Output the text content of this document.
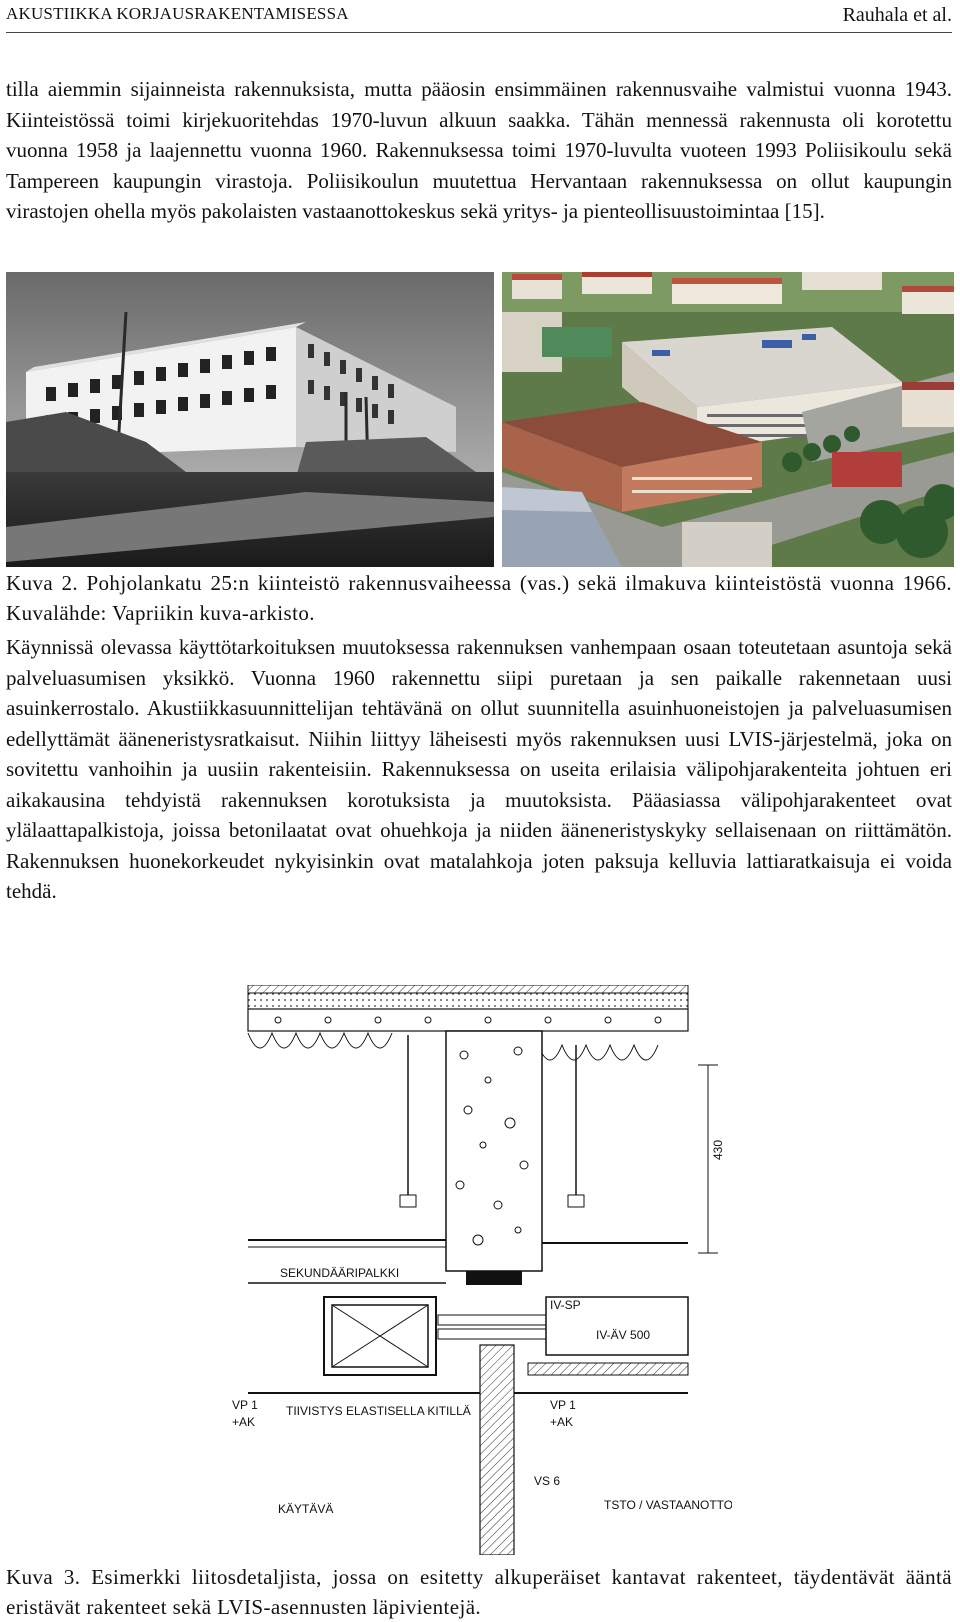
AKUSTIIKKA KORJAUSRAKENTAMISESSA	Rauhala et al.

tilla aiemmin sijainneista rakennuksista, mutta pääosin ensimmäinen rakennusvaihe valmistui vuonna 1943. Kiinteistössä toimi kirjekuoritehdas 1970-luvun alkuun saakka. Tähän mennessä rakennusta oli korotettu vuonna 1958 ja laajennettu vuonna 1960. Rakennuksessa toimi 1970-luvulta vuoteen 1993 Poliisikoulu sekä Tampereen kaupungin virastoja. Poliisikoulun muutettua Hervantaan rakennuksessa on ollut kaupungin virastojen ohella myös pakolaisten vastaanottokeskus sekä yritys- ja pienteollisuustoimintaa [15].

Kuva 2. Pohjolankatu 25:n kiinteistö rakennusvaiheessa (vas.) sekä ilmakuva kiinteistöstä vuonna 1966. Kuvalähde: Vapriikin kuva-arkisto.

Käynnissä olevassa käyttötarkoituksen muutoksessa rakennuksen vanhempaan osaan toteutetaan asuntoja sekä palveluasumisen yksikkö. Vuonna 1960 rakennettu siipi puretaan ja sen paikalle rakennetaan uusi asuinkerrostalo. Akustiikkasuunnittelijan tehtävänä on ollut suunnitella asuinhuoneistojen ja palveluasumisen edellyttämät ääneneristysratkaisut. Niihin liittyy läheisesti myös rakennuksen uusi LVIS-järjestelmä, joka on sovitettu vanhoihin ja uusiin rakenteisiin. Rakennuksessa on useita erilaisia välipohjarakenteita johtuen eri aikakausina tehdyistä rakennuksen korotuksista ja muutoksista. Pääasiassa välipohjarakenteet ovat ylälaattapalkistoja, joissa betonilaatat ovat ohuehkoja ja niiden ääneneristyskyky sellaisenaan on riittämätön. Rakennuksen huonekorkeudet nykyisinkin ovat matalahkoja joten paksuja kelluvia lattiaratkaisuja ei voida tehdä.

430
SEKUNDÄÄRIPALKKI
IV-SP
IV-ÄV 500
VP 1
+AK
TIIVISTYS ELASTISELLA KITILLÄ	VP 1
+AK
VS 6
KÄYTÄVÄ	TSTO / VASTAANOTTO

Kuva 3. Esimerkki liitosdetaljista, jossa on esitetty alkuperäiset kantavat rakenteet, täydentävät ääntä eristävät rakenteet sekä LVIS-asennusten läpivientejä.
